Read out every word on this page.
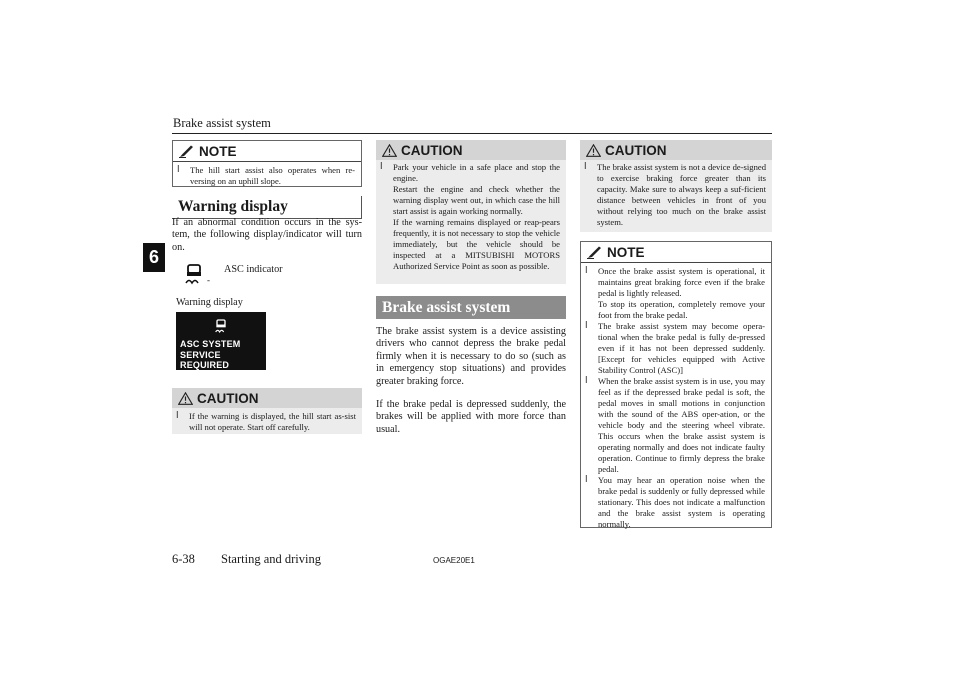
Brake assist system
6
NOTE
l The hill start assist also operates when re-versing on an uphill slope.

Warning display
If an abnormal condition occurs in the sys-tem, the following display/indicator will turn on.
-
ASC indicator
Warning display
ASC SYSTEM
SERVICE REQUIRED
CAUTION
l If the warning is displayed, the hill start as-sist will not operate. Start off carefully.

CAUTION
l Park your vehicle in a safe place and stop the engine.

Restart the engine and check whether the warning display went out, in which case the hill start assist is again working normally.

If the warning remains displayed or reap-pears frequently, it is not necessary to stop the vehicle immediately, but the vehicle should be inspected at a MITSUBISHI MOTORS Authorized Service Point as soon as possible.

Brake assist system

The brake assist system is a device assisting drivers who cannot depress the brake pedal firmly when it is necessary to do so (such as in emergency stop situations) and provides greater braking force.

If the brake pedal is depressed suddenly, the brakes will be applied with more force than usual.

CAUTION
l The brake assist system is not a device de-signed to exercise braking force greater than its capacity. Make sure to always keep a suf-ficient distance between vehicles in front of you without relying too much on the brake assist system.

NOTE
l Once the brake assist system is operational, it maintains great braking force even if the brake pedal is lightly released.

To stop its operation, completely remove your foot from the brake pedal.

l The brake assist system may become opera-tional when the brake pedal is fully de-pressed even if it has not been depressed suddenly. [Except for vehicles equipped with Active Stability Control (ASC)]

l When the brake assist system is in use, you may feel as if the depressed brake pedal is soft, the pedal moves in small motions in conjunction with the sound of the ABS oper-ation, or the vehicle body and the steering wheel vibrate. This occurs when the brake assist system is operating normally and does not indicate faulty operation. Continue to firmly depress the brake pedal.

l You may hear an operation noise when the brake pedal is suddenly or fully depressed while stationary. This does not indicate a malfunction and the brake assist system is operating normally.

6-38 Starting and driving	OGAE20E1
